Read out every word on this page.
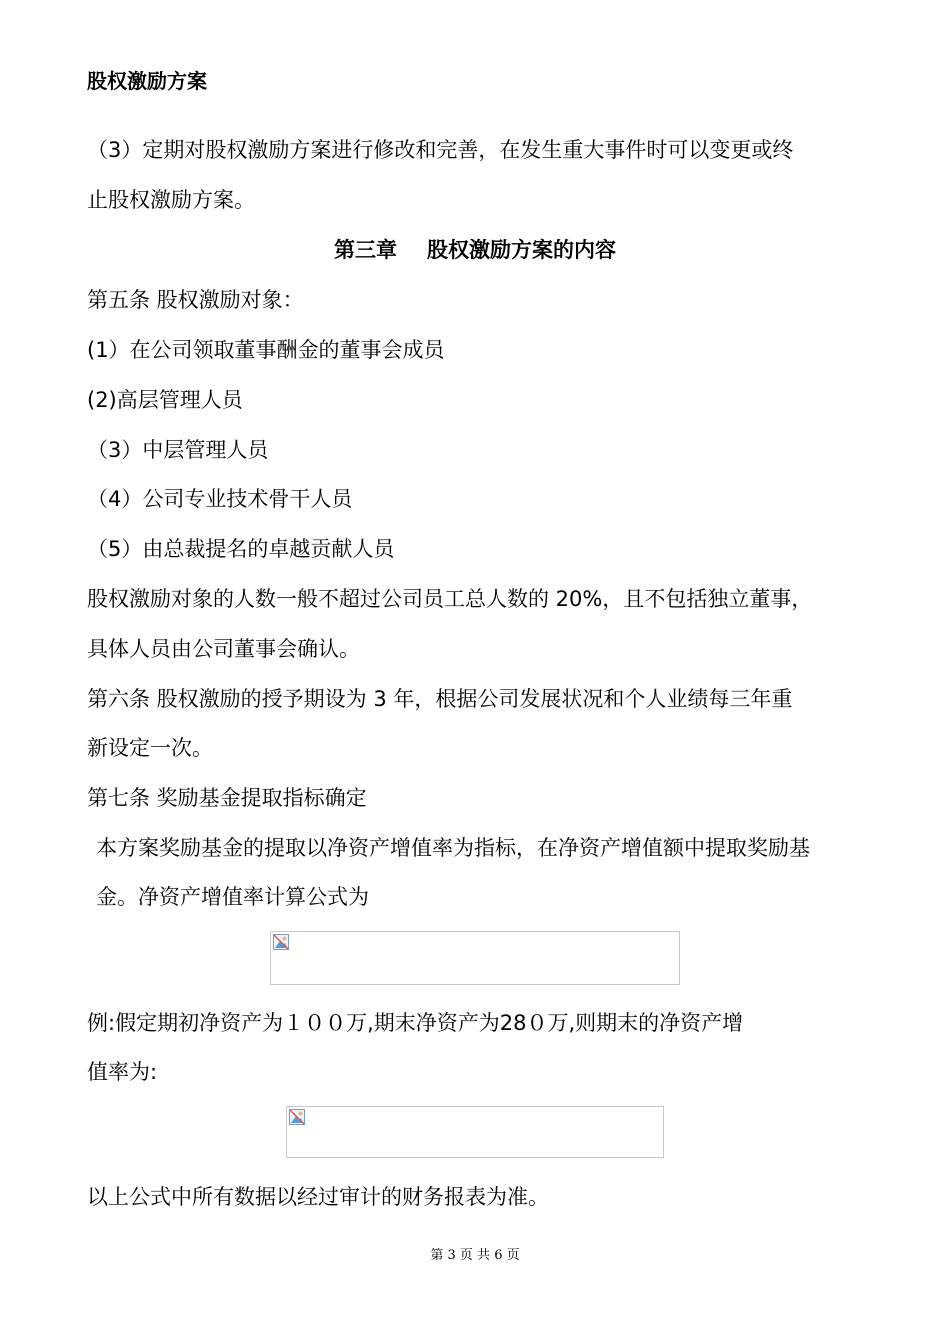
股权激励方案

（3）定期对股权激励方案进行修改和完善，在发生重大事件时可以变更或终

止股权激励方案。

第三章 股权激励方案的内容

第五条 股权激励对象：

(1）在公司领取董事酬金的董事会成员

(2)高层管理人员

（3）中层管理人员

（4）公司专业技术骨干人员

（5）由总裁提名的卓越贡献人员

股权激励对象的人数一般不超过公司员工总人数的 20%，且不包括独立董事，

具体人员由公司董事会确认。

第六条 股权激励的授予期设为 3 年，根据公司发展状况和个人业绩每三年重

新设定一次。

第七条 奖励基金提取指标确定

本方案奖励基金的提取以净资产增值率为指标，在净资产增值额中提取奖励基

金。净资产增值率计算公式为

例:假定期初净资产为１００万,期末净资产为28０万,则期末的净资产增

值率为:

以上公式中所有数据以经过审计的财务报表为准。

第 3 页 共 6 页
